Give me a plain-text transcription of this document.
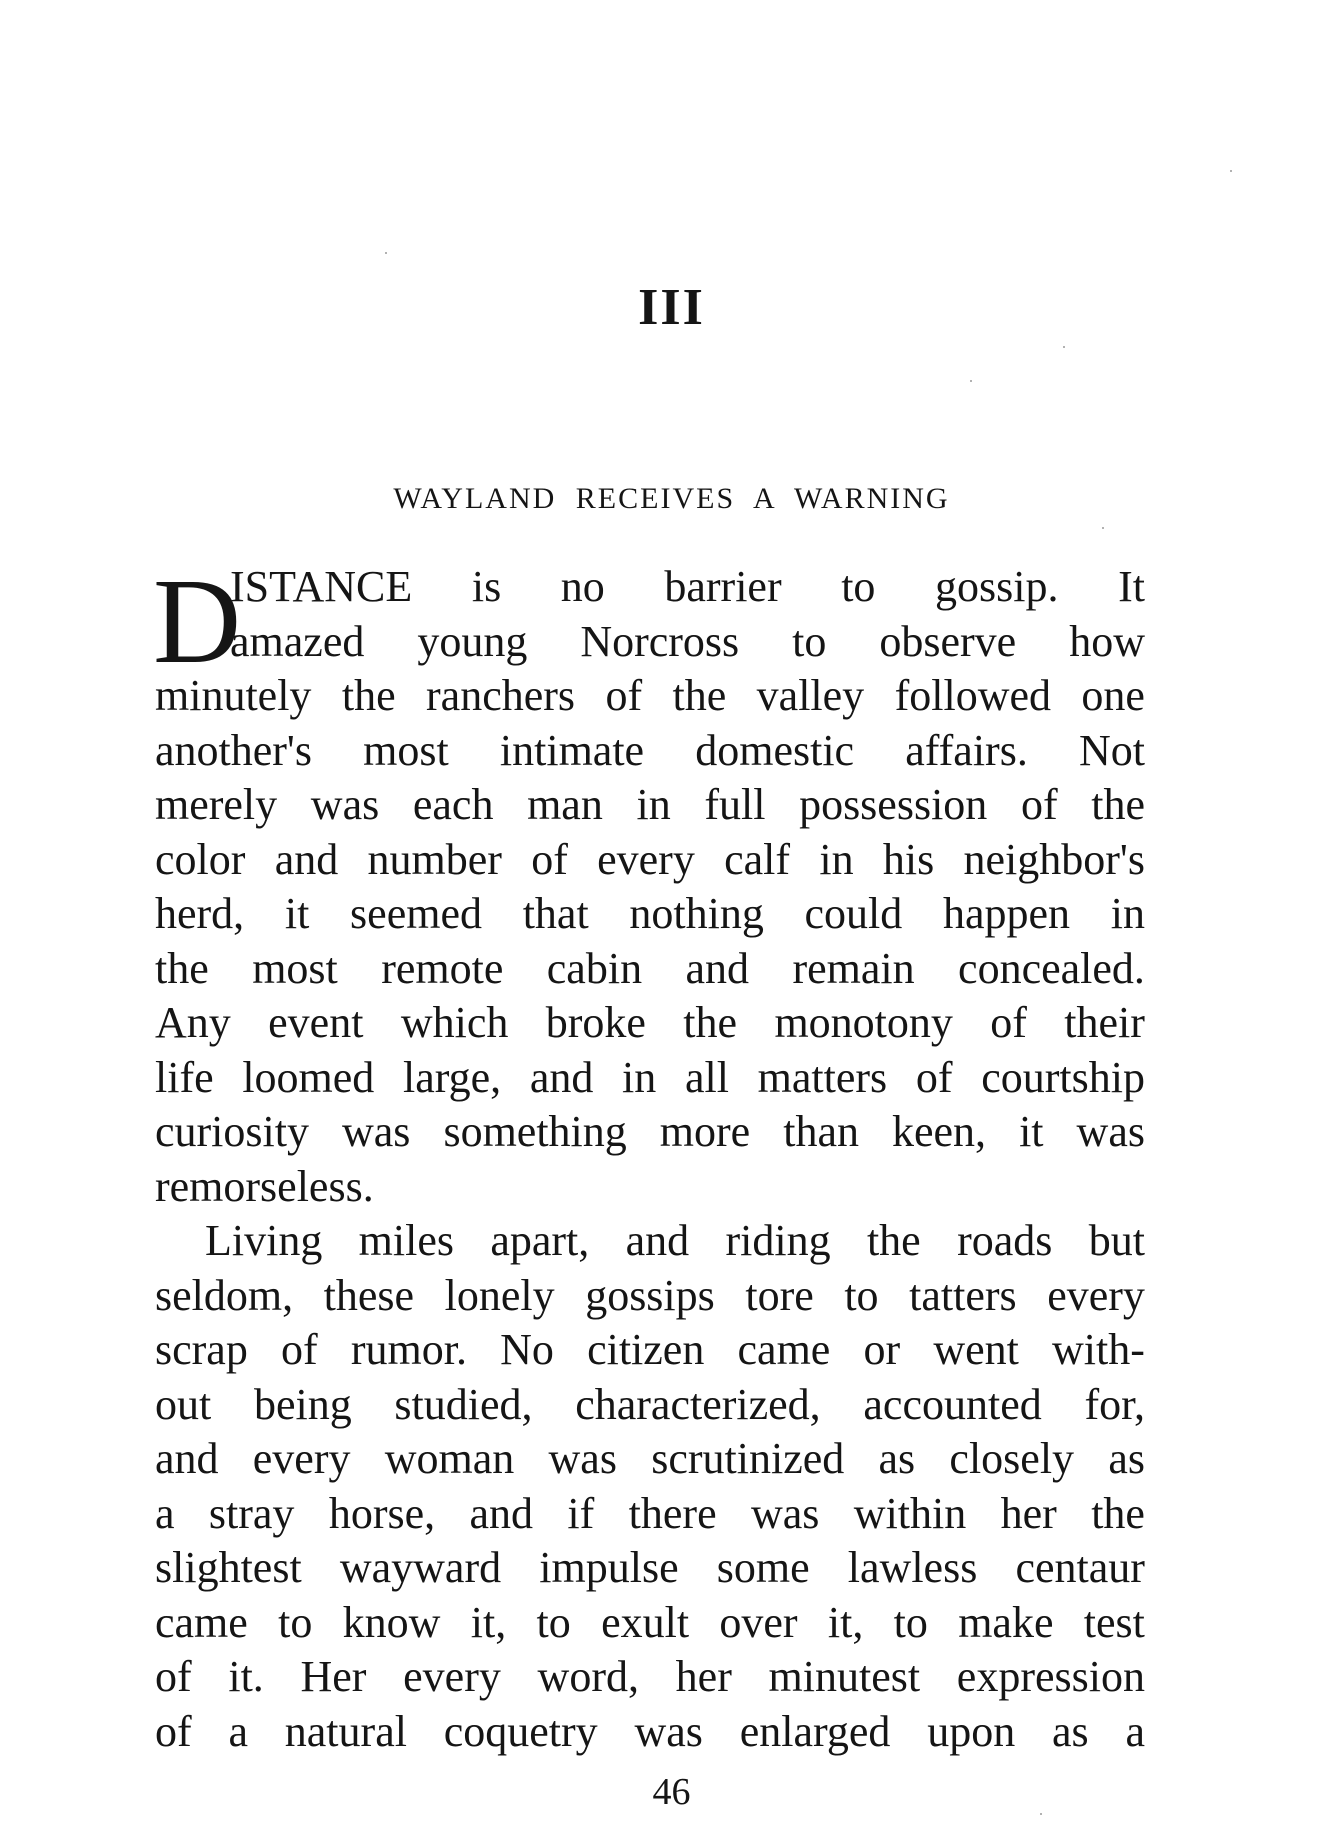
III
WAYLAND RECEIVES A WARNING
D
ISTANCE is no barrier to gossip. It
amazed young Norcross to observe how
minutely the ranchers of the valley followed one
another's most intimate domestic affairs. Not
merely was each man in full possession of the
color and number of every calf in his neighbor's
herd, it seemed that nothing could happen in
the most remote cabin and remain concealed.
Any event which broke the monotony of their
life loomed large, and in all matters of courtship
curiosity was something more than keen, it was
remorseless.
Living miles apart, and riding the roads but
seldom, these lonely gossips tore to tatters every
scrap of rumor. No citizen came or went with-
out being studied, characterized, accounted for,
and every woman was scrutinized as closely as
a stray horse, and if there was within her the
slightest wayward impulse some lawless centaur
came to know it, to exult over it, to make test
of it. Her every word, her minutest expression
of a natural coquetry was enlarged upon as a
46
